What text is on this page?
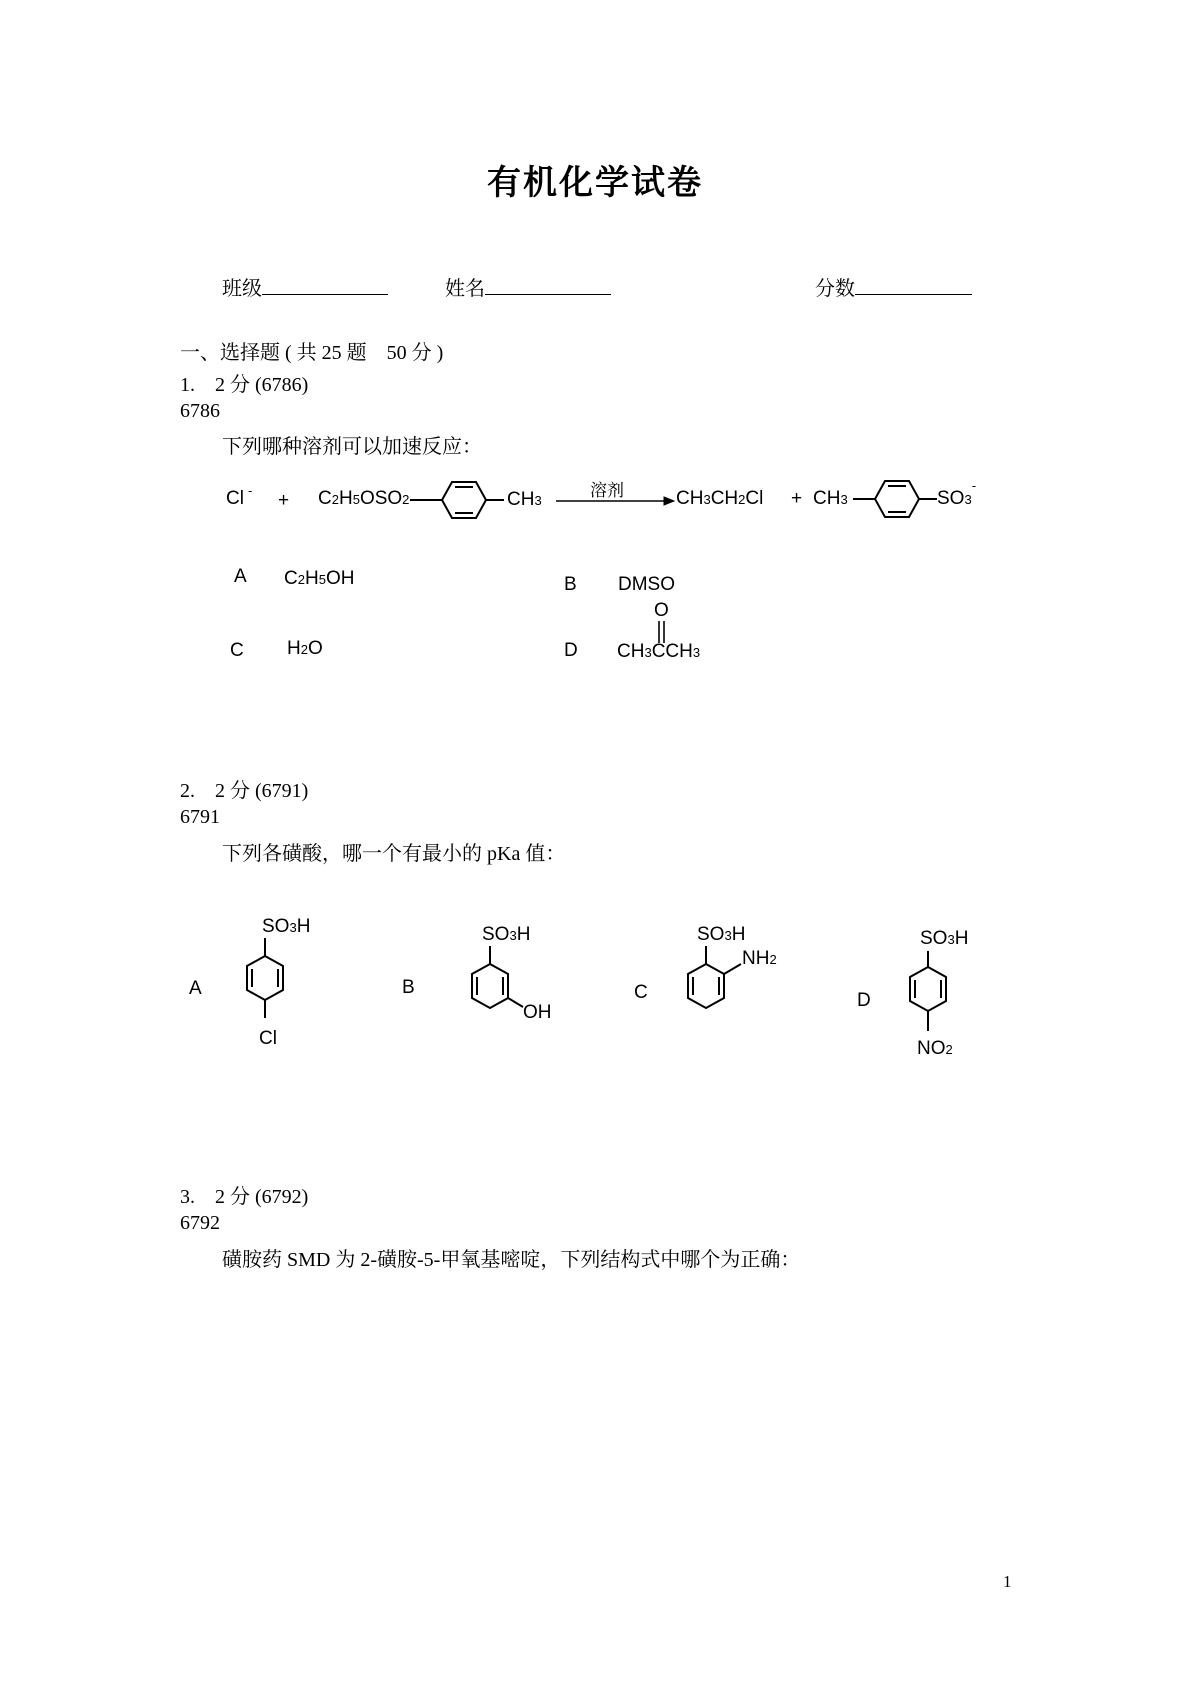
有机化学试卷
班级	姓名	分数
一、选择题 ( 共 25 题　50 分 )
1.　2 分 (6786)
6786
下列哪种溶剂可以加速反应：
Cl - + C2H5OSO2	CH3
溶剂	CH3CH2Cl + CH3	SO3-
A C2H5OH	B DMSO
C H2O	D
O
CH3CCH3
2.　2 分 (6791)
6791
下列各磺酸，哪一个有最小的 pKa 值：
A
SO3H
Cl
B
SO3H
OH
C
SO3H
NH2
D
SO3H
NO2
3.　2 分 (6792)
6792
磺胺药 SMD 为 2-磺胺-5-甲氧基嘧啶，下列结构式中哪个为正确：
1
